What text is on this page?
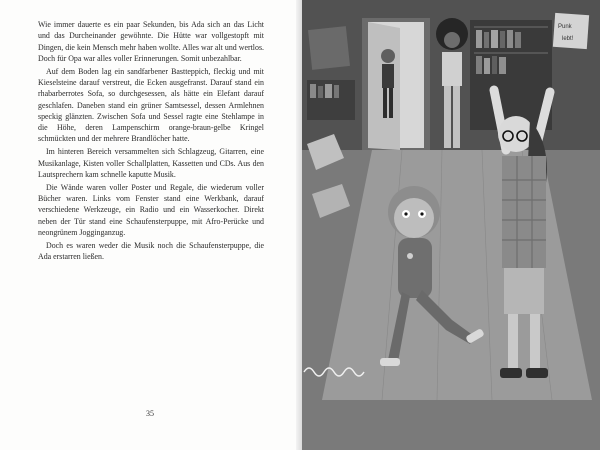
Wie immer dauerte es ein paar Sekunden, bis Ada sich an das Licht und das Durcheinander gewöhnte. Die Hütte war vollgestopft mit Dingen, die kein Mensch mehr haben wollte. Alles war alt und wertlos. Doch für Opa war alles voller Erinnerungen. Somit unbezahlbar.

Auf dem Boden lag ein sandfarbener Bastteppich, fleckig und mit Kieselsteine darauf verstreut, die Ecken ausgefranst. Darauf stand ein rhabarberrotes Sofa, so durchgesessen, als hätte ein Elefant darauf geschlafen. Daneben stand ein grüner Samtsessel, dessen Armlehnen speckig glänzten. Zwischen Sofa und Sessel ragte eine Stehlampe in die Höhe, deren Lampenschirm orange-braun-gelbe Kringel schmückten und der mehrere Brandlöcher hatte.

Im hinteren Bereich versammelten sich Schlagzeug, Gitarren, eine Musikanlage, Kisten voller Schallplatten, Kassetten und CDs. Aus den Lautsprechern kam schnelle kaputte Musik.

Die Wände waren voller Poster und Regale, die wiederum voller Bücher waren. Links vom Fenster stand eine Werkbank, darauf verschiedene Werkzeuge, ein Radio und ein Wasserkocher. Direkt neben der Tür stand eine Schaufensterpuppe, mit Afro-Perücke und neongrünem Jogginganzug.

Doch es waren weder die Musik noch die Schaufensterpuppe, die Ada erstarren ließen.

35
Punk
lebt!
